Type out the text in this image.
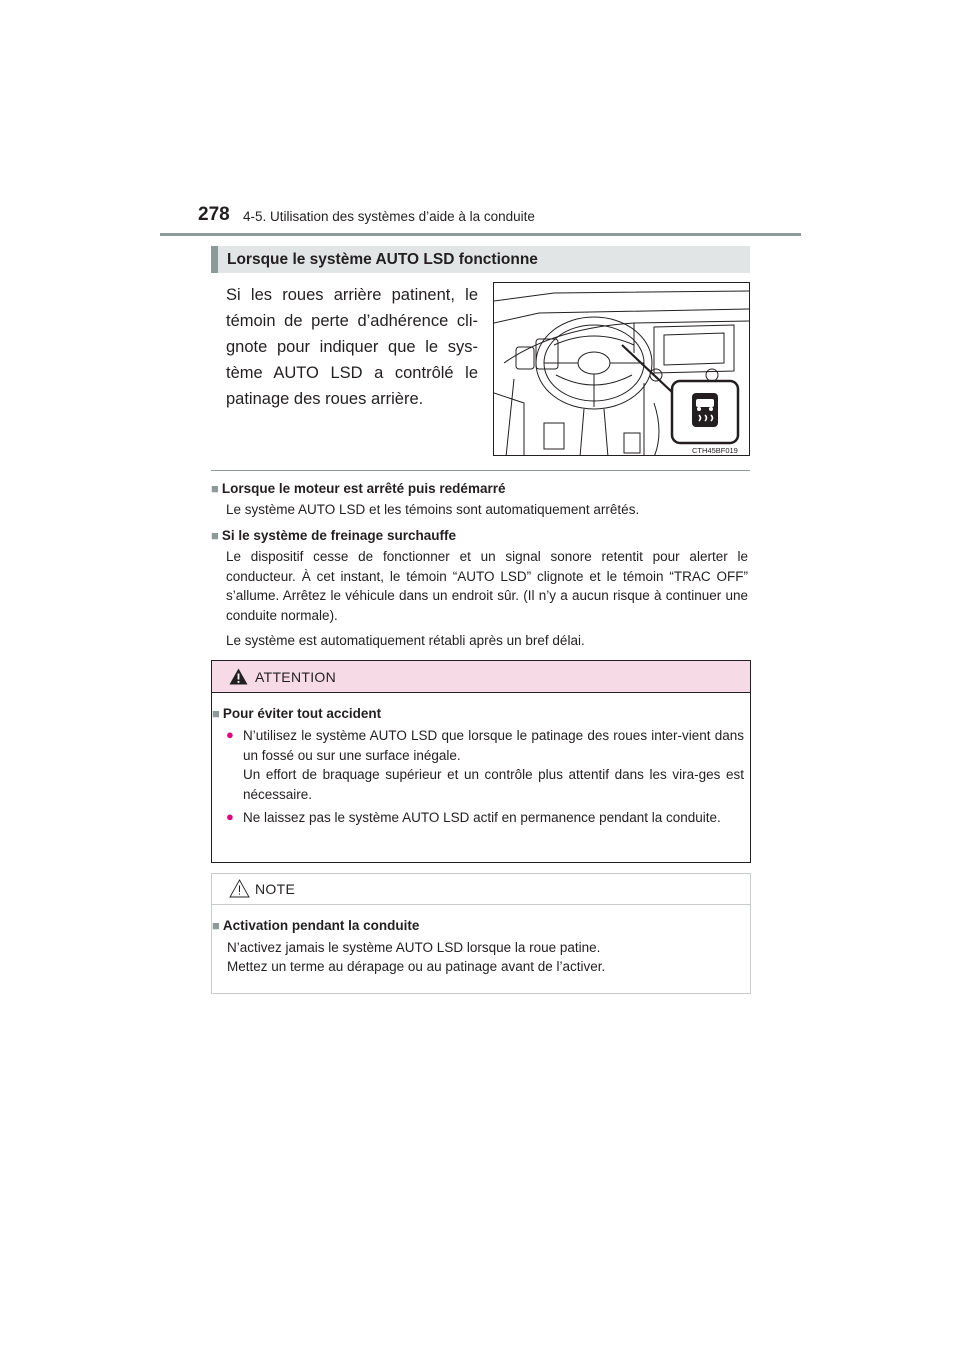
278 4-5. Utilisation des systèmes d’aide à la conduite
Lorsque le système AUTO LSD fonctionne
Si les roues arrière patinent, le témoin de perte d’adhérence cli- gnote pour indiquer que le sys- tème AUTO LSD a contrôlé le patinage des roues arrière.
CTH45BF019
■ Lorsque le moteur est arrêté puis redémarré
Le système AUTO LSD et les témoins sont automatiquement arrêtés.
■ Si le système de freinage surchauffe
Le dispositif cesse de fonctionner et un signal sonore retentit pour alerter le conducteur. À cet instant, le témoin “AUTO LSD” clignote et le témoin “TRAC OFF” s’allume. Arrêtez le véhicule dans un endroit sûr. (Il n’y a aucun risque à continuer une conduite normale).
Le système est automatiquement rétabli après un bref délai.
ATTENTION
■ Pour éviter tout accident
● N’utilisez le système AUTO LSD que lorsque le patinage des roues inter-vient dans un fossé ou sur une surface inégale.
Un effort de braquage supérieur et un contrôle plus attentif dans les vira-ges est nécessaire.
● Ne laissez pas le système AUTO LSD actif en permanence pendant la conduite.
NOTE
■ Activation pendant la conduite
N’activez jamais le système AUTO LSD lorsque la roue patine.
Mettez un terme au dérapage ou au patinage avant de l’activer.
